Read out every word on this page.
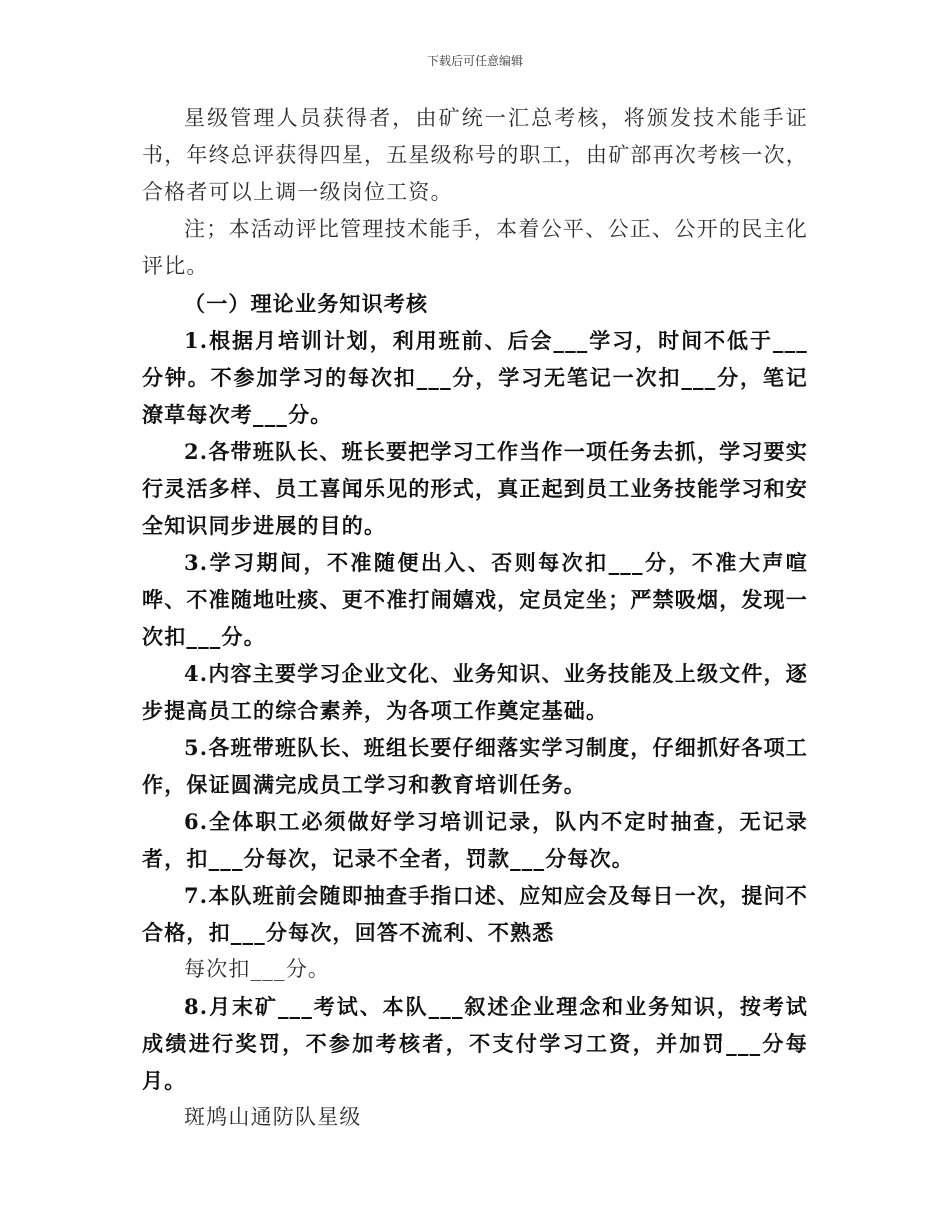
下载后可任意编辑

星级管理人员获得者，由矿统一汇总考核，将颁发技术能手证书，年终总评获得四星，五星级称号的职工，由矿部再次考核一次，合格者可以上调一级岗位工资。

注；本活动评比管理技术能手，本着公平、公正、公开的民主化评比。

（一）理论业务知识考核

1.根据月培训计划，利用班前、后会___学习，时间不低于___分钟。不参加学习的每次扣___分，学习无笔记一次扣___分，笔记潦草每次考___分。

2.各带班队长、班长要把学习工作当作一项任务去抓，学习要实行灵活多样、员工喜闻乐见的形式，真正起到员工业务技能学习和安全知识同步进展的目的。

3.学习期间，不准随便出入、否则每次扣___分，不准大声喧哗、不准随地吐痰、更不准打闹嬉戏，定员定坐；严禁吸烟，发现一次扣___分。

4.内容主要学习企业文化、业务知识、业务技能及上级文件，逐步提高员工的综合素养，为各项工作奠定基础。

5.各班带班队长、班组长要仔细落实学习制度，仔细抓好各项工作，保证圆满完成员工学习和教育培训任务。

6.全体职工必须做好学习培训记录，队内不定时抽查，无记录者，扣___分每次，记录不全者，罚款___分每次。

7.本队班前会随即抽查手指口述、应知应会及每日一次，提问不合格，扣___分每次，回答不流利、不熟悉

每次扣___分。

8.月末矿___考试、本队___叙述企业理念和业务知识，按考试成绩进行奖罚，不参加考核者，不支付学习工资，并加罚___分每月。

斑鸠山通防队星级
